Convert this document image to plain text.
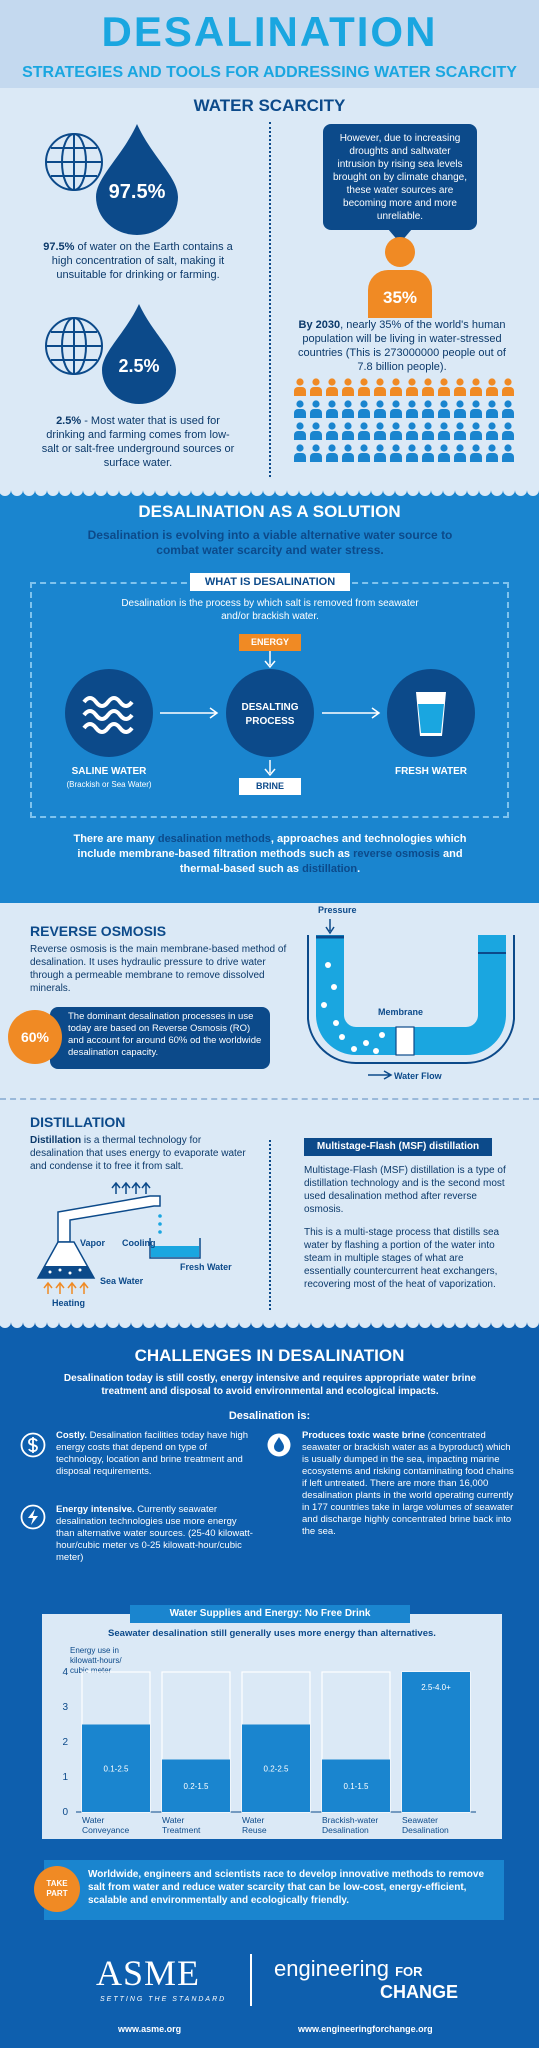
DESALINATION
STRATEGIES AND TOOLS FOR ADDRESSING WATER SCARCITY
WATER SCARCITY
97.5%
97.5% of water on the Earth contains a high concentration of salt, making it unsuitable for drinking or farming.
2.5%
2.5% - Most water that is used for drinking and farming comes from low-salt or salt-free underground sources or surface water.
However, due to increasing droughts and saltwater intrusion by rising sea levels brought on by climate change, these water sources are becoming more and more unreliable.
35%
By 2030, nearly 35% of the world's human population will be living in water-stressed countries (This is 273000000 people out of 7.8 billion people).
DESALINATION AS A SOLUTION
Desalination is evolving into a viable alternative water source to combat water scarcity and water stress.
WHAT IS DESALINATION
Desalination is the process by which salt is removed from seawater and/or brackish water.
ENERGY
DESALTING
PROCESS
BRINE
SALINE WATER
(Brackish or Sea Water)
FRESH WATER
There are many desalination methods, approaches and technologies which include membrane-based filtration methods such as reverse osmosis and thermal-based such as distillation.
REVERSE OSMOSIS
Reverse osmosis is the main membrane-based method of desalination. It uses hydraulic pressure to drive water through a permeable membrane to remove dissolved minerals.
60%
The dominant desalination processes in use today are based on Reverse Osmosis (RO) and account for around 60% od the worldwide desalination capacity.
Pressure
Membrane
Water Flow
DISTILLATION
Distillation is a thermal technology for desalination that uses energy to evaporate water and condense it to free it from salt.
Vapor Cooling
Sea Water
Heating
Fresh Water
Multistage-Flash (MSF) distillation
Multistage-Flash (MSF) distillation is a type of distillation technology and is the second most used desalination method after reverse osmosis.
This is a multi-stage process that distills sea water by flashing a portion of the water into steam in multiple stages of what are essentially countercurrent heat exchangers, recovering most of the heat of vaporization.
CHALLENGES IN DESALINATION
Desalination today is still costly, energy intensive and requires appropriate water brine treatment and disposal to avoid environmental and ecological impacts.
Desalination is:
Costly. Desalination facilities today have high energy costs that depend on type of technology, location and brine treatment and disposal requirements.
Energy intensive. Currently seawater desalination technologies use more energy than alternative water sources. (25-40 kilowatt-hour/cubic meter vs 0-25 kilowatt-hour/cubic meter)
Produces toxic waste brine (concentrated seawater or brackish water as a byproduct) which is usually dumped in the sea, impacting marine ecosystems and risking contaminating food chains if left untreated. There are more than 16,000 desalination plants in the world operating currently in 177 countries take in large volumes of seawater and discharge highly concentrated brine back into the sea.
Water Supplies and Energy: No Free Drink
Seawater desalination still generally uses more energy than alternatives.
Energy use in kilowatt-hours/ cubic meter
0
1
2
3
4
0.1-2.5
Water Conveyance
0.2-1.5
Water Treatment
0.2-2.5
Water Reuse
0.1-1.5
Brackish-water Desalination
2.5-4.0+
Seawater Desalination
TAKE
PART
Worldwide, engineers and scientists race to develop innovative methods to remove salt from water and reduce water scarcity that can be low-cost, energy-efficient, scalable and environmentally and ecologically friendly.
ASME
SETTING THE STANDARD
engineering FOR
CHANGE
www.asme.org	www.engineeringforchange.org
